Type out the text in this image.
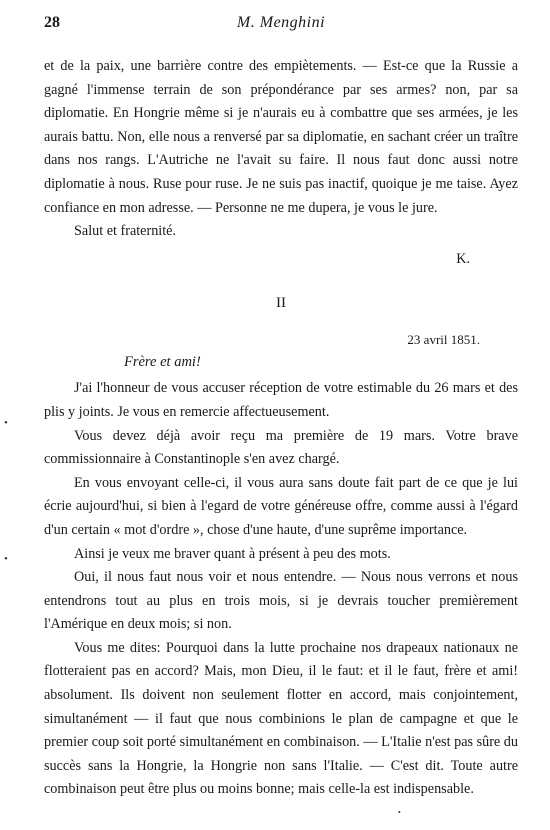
28	M. Menghini

et de la paix, une barrière contre des empiètements. — Est-ce que la Russie a gagné l'immense terrain de son prépondérance par ses armes? non, par sa diplomatie. En Hongrie même si je n'aurais eu à combattre que ses armées, je les aurais battu. Non, elle nous a renversé par sa diplomatie, en sachant créer un traître dans nos rangs. L'Autriche ne l'avait su faire. Il nous faut donc aussi notre diplomatie à nous. Ruse pour ruse. Je ne suis pas inactif, quoique je me taise. Ayez confiance en mon adresse. — Personne ne me dupera, je vous le jure.

Salut et fraternité.
K.
II
23 avril 1851.
Frère et ami!

J'ai l'honneur de vous accuser réception de votre estimable du 26 mars et des plis y joints. Je vous en remercie affectueusement.

Vous devez déjà avoir reçu ma première de 19 mars. Votre brave commissionnaire à Constantinople s'en avez chargé.

En vous envoyant celle-ci, il vous aura sans doute fait part de ce que je lui écrie aujourd'hui, si bien à l'egard de votre généreuse offre, comme aussi à l'égard d'un certain « mot d'ordre », chose d'une haute, d'une suprême importance.

Ainsi je veux me braver quant à présent à peu des mots.

Oui, il nous faut nous voir et nous entendre. — Nous nous verrons et nous entendrons tout au plus en trois mois, si je devrais toucher premièrement l'Amérique en deux mois; si non.

Vous me dites: Pourquoi dans la lutte prochaine nos drapeaux nationaux ne flotteraient pas en accord? Mais, mon Dieu, il le faut: et il le faut, frère et ami! absolument. Ils doivent non seulement flotter en accord, mais conjointement, simultanément — il faut que nous combinions le plan de campagne et que le premier coup soit porté simultanément en combinaison. — L'Italie n'est pas sûre du succès sans la Hongrie, la Hongrie non sans l'Italie. — C'est dit. Toute autre combinaison peut être plus ou moins bonne; mais celle-la est indispensable.

•
•
•
